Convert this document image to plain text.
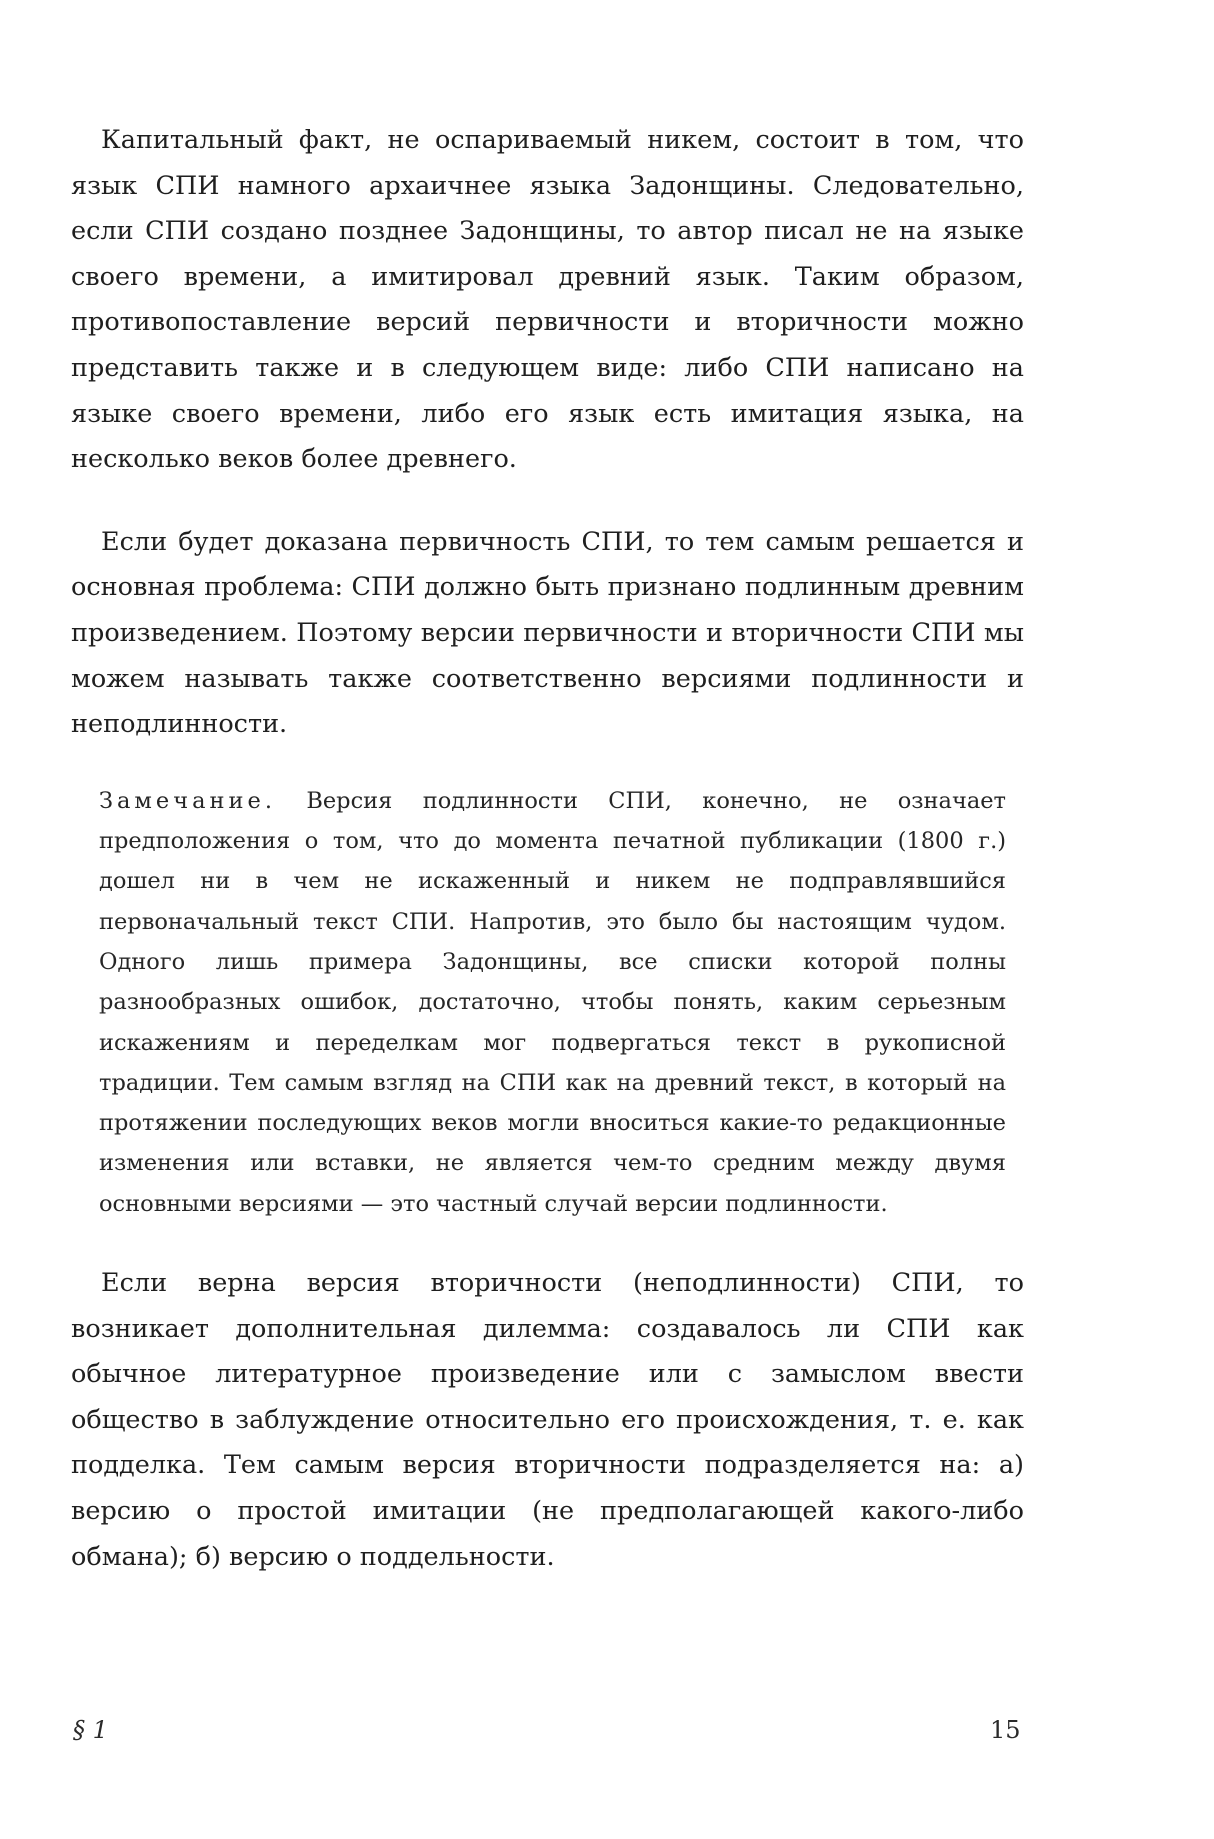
Капитальный факт, не оспариваемый никем, состоит в том, что язык СПИ намного архаичнее языка Задонщины. Следовательно, если СПИ создано позднее Задонщины, то автор писал не на языке своего времени, а имитировал древний язык. Таким образом, противопоставление версий первичности и вторичности можно представить также и в следующем виде: либо СПИ написано на языке своего времени, либо его язык есть имитация языка, на несколько веков более древнего.

Если будет доказана первичность СПИ, то тем самым решается и основная проблема: СПИ должно быть признано подлинным древним произведением. Поэтому версии первичности и вторичности СПИ мы можем называть также соответственно версиями подлинности и неподлинности.

Замечание. Версия подлинности СПИ, конечно, не означает предположения о том, что до момента печатной публикации (1800 г.) дошел ни в чем не искаженный и никем не подправлявшийся первоначальный текст СПИ. Напротив, это было бы настоящим чудом. Одного лишь примера Задонщины, все списки которой полны разнообразных ошибок, достаточно, чтобы понять, каким серьезным искажениям и переделкам мог подвергаться текст в рукописной традиции. Тем самым взгляд на СПИ как на древний текст, в который на протяжении последующих веков могли вноситься какие-то редакционные изменения или вставки, не является чем-то средним между двумя основными версиями — это частный случай версии подлинности.

Если верна версия вторичности (неподлинности) СПИ, то возникает дополнительная дилемма: создавалось ли СПИ как обычное литературное произведение или с замыслом ввести общество в заблуждение относительно его происхождения, т. е. как подделка. Тем самым версия вторичности подразделяется на: а) версию о простой имитации (не предполагающей какого-либо обмана); б) версию о поддельности.

§ 1	15
